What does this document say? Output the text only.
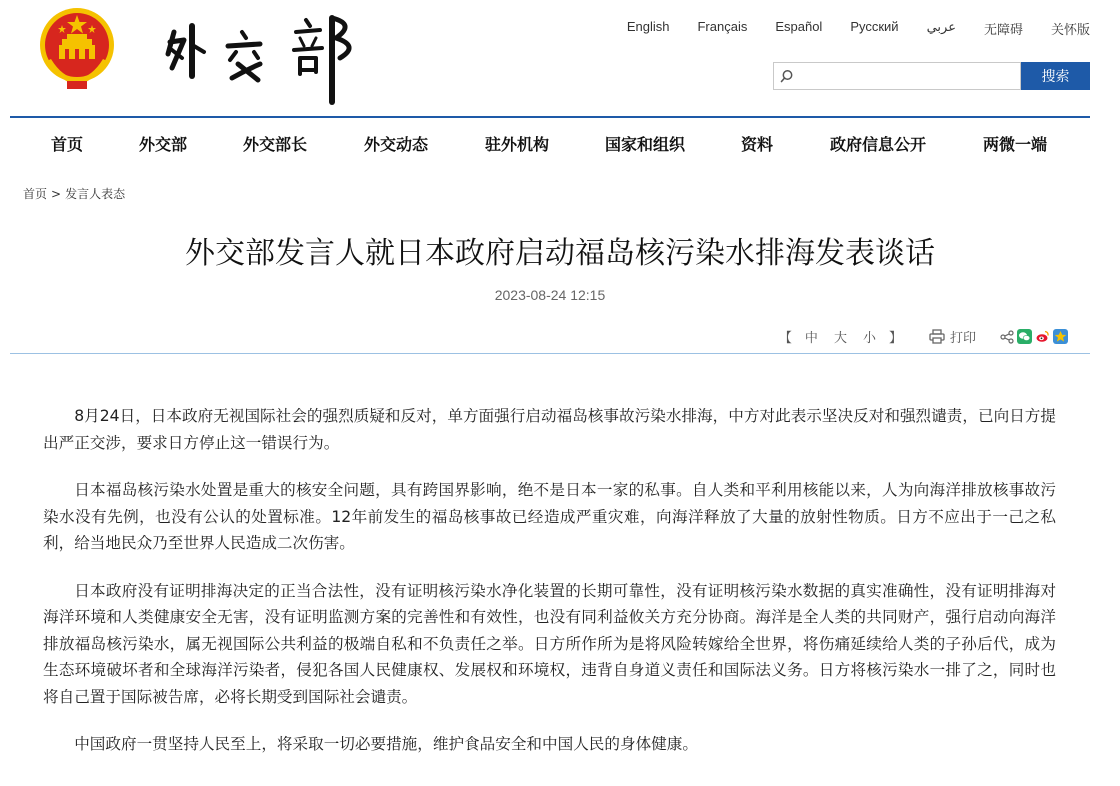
English Français Español Русский عربي 无障碍 关怀版
搜索
首页	外交部	外交部长	外交动态	驻外机构	国家和组织	资料	政府信息公开	两微一端
首页 > 发言人表态
外交部发言人就日本政府启动福岛核污染水排海发表谈话
2023-08-24 12:15
【 中 大 小 】	打印

8月24日，日本政府无视国际社会的强烈质疑和反对，单方面强行启动福岛核事故污染水排海，中方对此表示坚决反对和强烈谴责，已向日方提出严正交涉，要求日方停止这一错误行为。

日本福岛核污染水处置是重大的核安全问题，具有跨国界影响，绝不是日本一家的私事。自人类和平利用核能以来，人为向海洋排放核事故污染水没有先例，也没有公认的处置标准。12年前发生的福岛核事故已经造成严重灾难，向海洋释放了大量的放射性物质。日方不应出于一己之私利，给当地民众乃至世界人民造成二次伤害。

日本政府没有证明排海决定的正当合法性，没有证明核污染水净化装置的长期可靠性，没有证明核污染水数据的真实准确性，没有证明排海对海洋环境和人类健康安全无害，没有证明监测方案的完善性和有效性，也没有同利益攸关方充分协商。海洋是全人类的共同财产，强行启动向海洋排放福岛核污染水，属无视国际公共利益的极端自私和不负责任之举。日方所作所为是将风险转嫁给全世界，将伤痛延续给人类的子孙后代，成为生态环境破坏者和全球海洋污染者，侵犯各国人民健康权、发展权和环境权，违背自身道义责任和国际法义务。日方将核污染水一排了之，同时也将自己置于国际被告席，必将长期受到国际社会谴责。

中国政府一贯坚持人民至上，将采取一切必要措施，维护食品安全和中国人民的身体健康。
